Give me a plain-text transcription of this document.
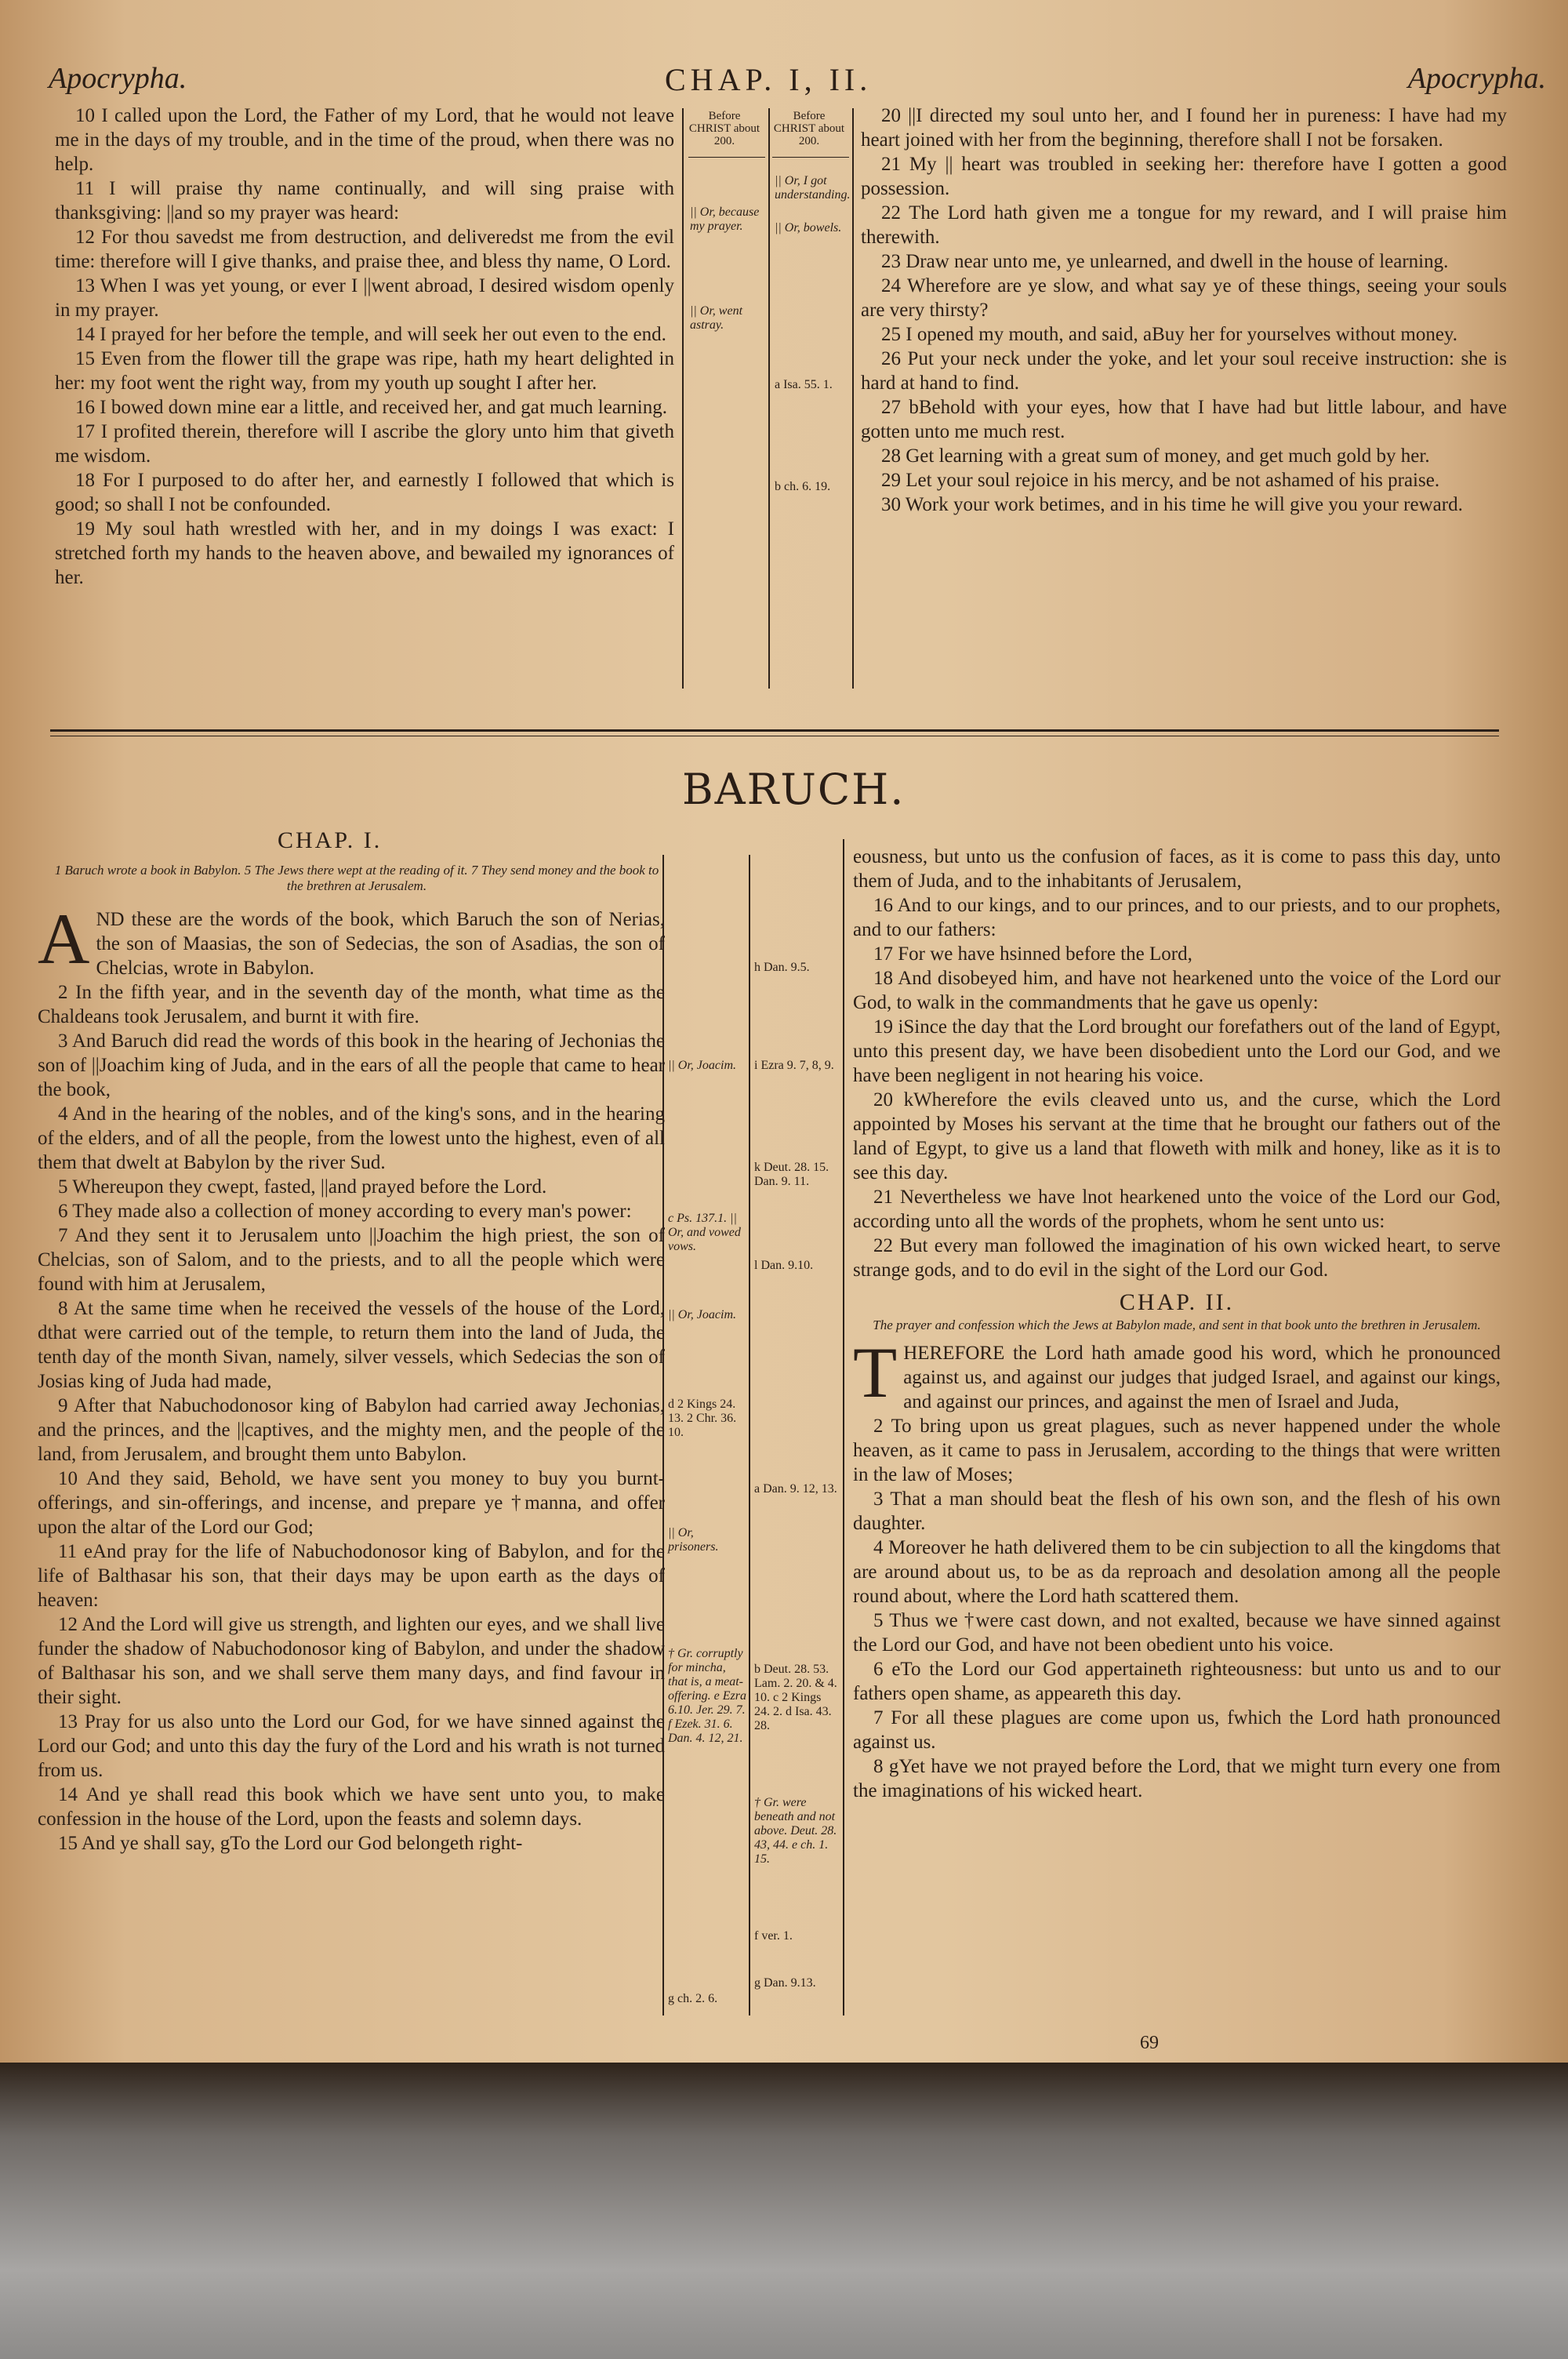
Apocrypha.	CHAP. I, II.	Apocrypha.
Before CHRIST about 200.
Before CHRIST about 200.
|| Or, because my prayer.
|| Or, went astray.
|| Or, I got understanding.
|| Or, bowels.
a Isa. 55. 1.
b ch. 6. 19.

10 I called upon the Lord, the Father of my Lord, that he would not leave me in the days of my trouble, and in the time of the proud, when there was no help.

11 I will praise thy name continually, and will sing praise with thanksgiving: ||and so my prayer was heard:

12 For thou savedst me from destruction, and deliveredst me from the evil time: therefore will I give thanks, and praise thee, and bless thy name, O Lord.

13 When I was yet young, or ever I ||went abroad, I desired wisdom openly in my prayer.

14 I prayed for her before the temple, and will seek her out even to the end.

15 Even from the flower till the grape was ripe, hath my heart delighted in her: my foot went the right way, from my youth up sought I after her.

16 I bowed down mine ear a little, and received her, and gat much learning.

17 I profited therein, therefore will I ascribe the glory unto him that giveth me wisdom.

18 For I purposed to do after her, and earnestly I followed that which is good; so shall I not be confounded.

19 My soul hath wrestled with her, and in my doings I was exact: I stretched forth my hands to the heaven above, and bewailed my ignorances of her.

20 ||I directed my soul unto her, and I found her in pureness: I have had my heart joined with her from the beginning, therefore shall I not be forsaken.

21 My || heart was troubled in seeking her: therefore have I gotten a good possession.

22 The Lord hath given me a tongue for my reward, and I will praise him therewith.

23 Draw near unto me, ye unlearned, and dwell in the house of learning.

24 Wherefore are ye slow, and what say ye of these things, seeing your souls are very thirsty?

25 I opened my mouth, and said, aBuy her for yourselves without money.

26 Put your neck under the yoke, and let your soul receive instruction: she is hard at hand to find.

27 bBehold with your eyes, how that I have had but little labour, and have gotten unto me much rest.

28 Get learning with a great sum of money, and get much gold by her.

29 Let your soul rejoice in his mercy, and be not ashamed of his praise.

30 Work your work betimes, and in his time he will give you your reward.

BARUCH.
CHAP. I.
1 Baruch wrote a book in Babylon. 5 The Jews there wept at the reading of it. 7 They send money and the book to the brethren at Jerusalem.
|| Or, Joacim.
c Ps. 137.1. || Or, and vowed vows.
|| Or, Joacim.
d 2 Kings 24. 13. 2 Chr. 36. 10.
|| Or, prisoners.
† Gr. corruptly for mincha, that is, a meat-offering. e Ezra 6.10. Jer. 29. 7. f Ezek. 31. 6. Dan. 4. 12, 21.
g ch. 2. 6.
h Dan. 9.5.
i Ezra 9. 7, 8, 9.
k Deut. 28. 15. Dan. 9. 11.
l Dan. 9.10.
a Dan. 9. 12, 13.
b Deut. 28. 53. Lam. 2. 20. & 4. 10. c 2 Kings 24. 2. d Isa. 43. 28.
† Gr. were beneath and not above. Deut. 28. 43, 44. e ch. 1. 15.
f ver. 1.
g Dan. 9.13.

AND these are the words of the book, which Baruch the son of Nerias, the son of Maasias, the son of Sedecias, the son of Asadias, the son of Chelcias, wrote in Babylon.

2 In the fifth year, and in the seventh day of the month, what time as the Chaldeans took Jerusalem, and burnt it with fire.

3 And Baruch did read the words of this book in the hearing of Jechonias the son of ||Joachim king of Juda, and in the ears of all the people that came to hear the book,

4 And in the hearing of the nobles, and of the king's sons, and in the hearing of the elders, and of all the people, from the lowest unto the highest, even of all them that dwelt at Babylon by the river Sud.

5 Whereupon they cwept, fasted, ||and prayed before the Lord.

6 They made also a collection of money according to every man's power:

7 And they sent it to Jerusalem unto ||Joachim the high priest, the son of Chelcias, son of Salom, and to the priests, and to all the people which were found with him at Jerusalem,

8 At the same time when he received the vessels of the house of the Lord, dthat were carried out of the temple, to return them into the land of Juda, the tenth day of the month Sivan, namely, silver vessels, which Sedecias the son of Josias king of Juda had made,

9 After that Nabuchodonosor king of Babylon had carried away Jechonias, and the princes, and the ||captives, and the mighty men, and the people of the land, from Jerusalem, and brought them unto Babylon.

10 And they said, Behold, we have sent you money to buy you burnt-offerings, and sin-offerings, and incense, and prepare ye †manna, and offer upon the altar of the Lord our God;

11 eAnd pray for the life of Nabuchodonosor king of Babylon, and for the life of Balthasar his son, that their days may be upon earth as the days of heaven:

12 And the Lord will give us strength, and lighten our eyes, and we shall live funder the shadow of Nabuchodonosor king of Babylon, and under the shadow of Balthasar his son, and we shall serve them many days, and find favour in their sight.

13 Pray for us also unto the Lord our God, for we have sinned against the Lord our God; and unto this day the fury of the Lord and his wrath is not turned from us.

14 And ye shall read this book which we have sent unto you, to make confession in the house of the Lord, upon the feasts and solemn days.

15 And ye shall say, gTo the Lord our God belongeth right-

eousness, but unto us the confusion of faces, as it is come to pass this day, unto them of Juda, and to the inhabitants of Jerusalem,

16 And to our kings, and to our princes, and to our priests, and to our prophets, and to our fathers:

17 For we have hsinned before the Lord,

18 And disobeyed him, and have not hearkened unto the voice of the Lord our God, to walk in the commandments that he gave us openly:

19 iSince the day that the Lord brought our forefathers out of the land of Egypt, unto this present day, we have been disobedient unto the Lord our God, and we have been negligent in not hearing his voice.

20 kWherefore the evils cleaved unto us, and the curse, which the Lord appointed by Moses his servant at the time that he brought our fathers out of the land of Egypt, to give us a land that floweth with milk and honey, like as it is to see this day.

21 Nevertheless we have lnot hearkened unto the voice of the Lord our God, according unto all the words of the prophets, whom he sent unto us:

22 But every man followed the imagination of his own wicked heart, to serve strange gods, and to do evil in the sight of the Lord our God.

CHAP. II.
The prayer and confession which the Jews at Babylon made, and sent in that book unto the brethren in Jerusalem.

THEREFORE the Lord hath amade good his word, which he pronounced against us, and against our judges that judged Israel, and against our kings, and against our princes, and against the men of Israel and Juda,

2 To bring upon us great plagues, such as never happened under the whole heaven, as it came to pass in Jerusalem, according to the things that were written in the law of Moses;

3 That a man should beat the flesh of his own son, and the flesh of his own daughter.

4 Moreover he hath delivered them to be cin subjection to all the kingdoms that are around about us, to be as da reproach and desolation among all the people round about, where the Lord hath scattered them.

5 Thus we †were cast down, and not exalted, because we have sinned against the Lord our God, and have not been obedient unto his voice.

6 eTo the Lord our God appertaineth righteousness: but unto us and to our fathers open shame, as appeareth this day.

7 For all these plagues are come upon us, fwhich the Lord hath pronounced against us.

8 gYet have we not prayed before the Lord, that we might turn every one from the imaginations of his wicked heart.

69
